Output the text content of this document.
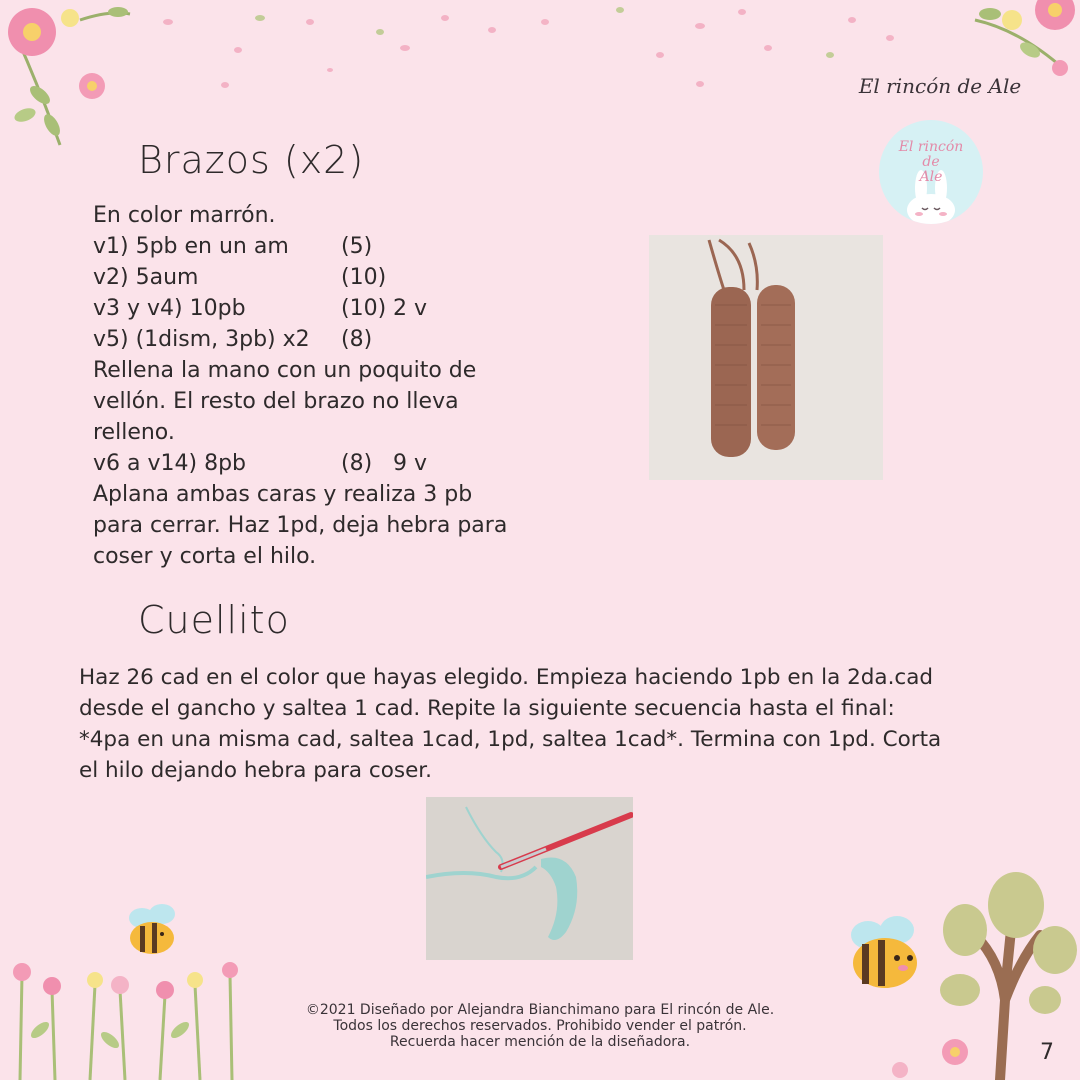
El rincón de Ale
El rincón
de
Ale
Brazos (x2)
En color marrón.
v1) 5pb en un am	(5)
v2) 5aum	(10)
v3 y v4) 10pb	(10) 2 v
v5) (1dism, 3pb) x2	(8)
Rellena la mano con un poquito de
vellón. El resto del brazo no lleva
relleno.
v6 a v14) 8pb	(8) 9 v
Aplana ambas caras y realiza 3 pb
para cerrar. Haz 1pd, deja hebra para
coser y corta el hilo.
Cuellito
Haz 26 cad en el color que hayas elegido. Empieza haciendo 1pb en la 2da.cad
desde el gancho y saltea 1 cad. Repite la siguiente secuencia hasta el final:
*4pa en una misma cad, saltea 1cad, 1pd, saltea 1cad*. Termina con 1pd. Corta
el hilo dejando hebra para coser.
©2021 Diseñado por Alejandra Bianchimano para El rincón de Ale.
Todos los derechos reservados. Prohibido vender el patrón.
Recuerda hacer mención de la diseñadora.	7
